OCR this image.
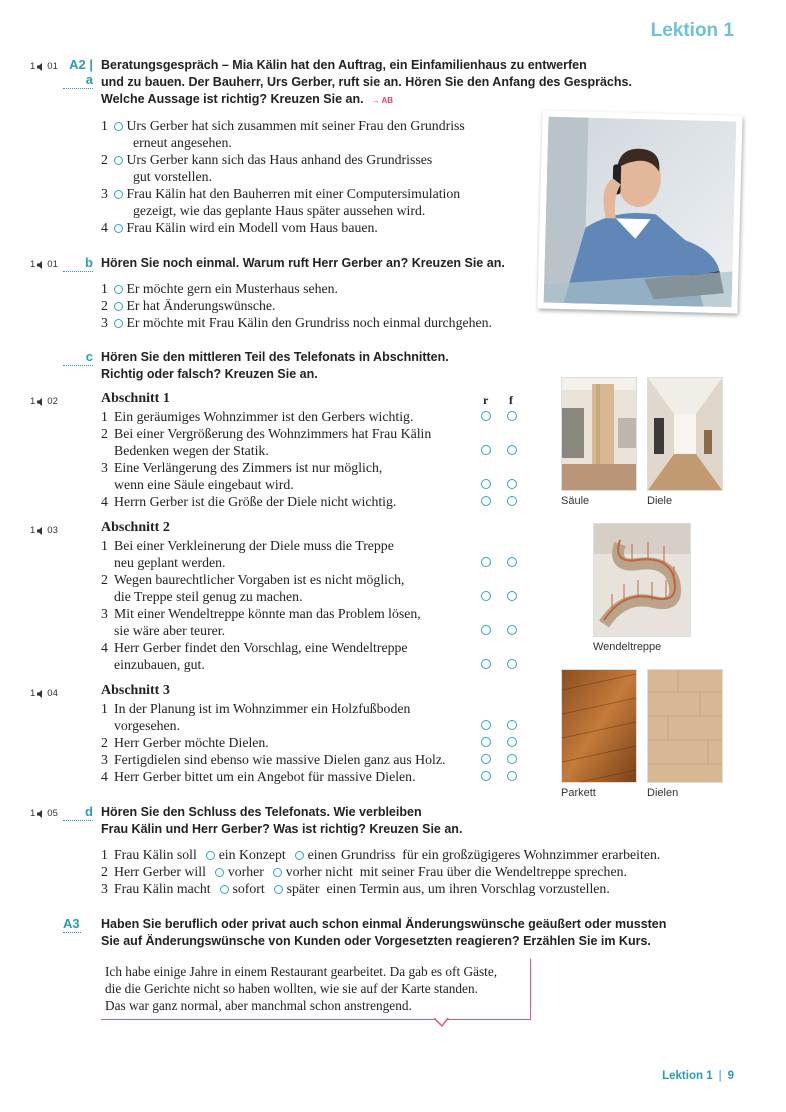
Lektion 1
1 01 A2 | a
Beratungsgespräch – Mia Kälin hat den Auftrag, ein Einfamilienhaus zu entwerfen
und zu bauen. Der Bauherr, Urs Gerber, ruft sie an. Hören Sie den Anfang des Gesprächs.
Welche Aussage ist richtig? Kreuzen Sie an. → AB
1 Urs Gerber hat sich zusammen mit seiner Frau den Grundriss
erneut angesehen.
2 Urs Gerber kann sich das Haus anhand des Grundrisses
gut vorstellen.
3 Frau Kälin hat den Bauherren mit einer Computersimulation
gezeigt, wie das geplante Haus später aussehen wird.
4 Frau Kälin wird ein Modell vom Haus bauen.
1 01	b Hören Sie noch einmal. Warum ruft Herr Gerber an? Kreuzen Sie an.
1 Er möchte gern ein Musterhaus sehen.
2 Er hat Änderungswünsche.
3 Er möchte mit Frau Kälin den Grundriss noch einmal durchgehen.
c Hören Sie den mittleren Teil des Telefonats in Abschnitten.
Richtig oder falsch? Kreuzen Sie an.
1 02	Abschnitt 1	r f
1 Ein geräumiges Wohnzimmer ist den Gerbers wichtig.
2 Bei einer Vergrößerung des Wohnzimmers hat Frau Kälin
Bedenken wegen der Statik.
3 Eine Verlängerung des Zimmers ist nur möglich,
wenn eine Säule eingebaut wird.
4 Herrn Gerber ist die Größe der Diele nicht wichtig.	Säule	Diele
1 03	Abschnitt 2
1 Bei einer Verkleinerung der Diele muss die Treppe
neu geplant werden.
2 Wegen baurechtlicher Vorgaben ist es nicht möglich,
die Treppe steil genug zu machen.
3 Mit einer Wendeltreppe könnte man das Problem lösen,
sie wäre aber teurer.
4 Herr Gerber findet den Vorschlag, eine Wendeltreppe
einzubauen, gut.
Wendeltreppe
1 04	Abschnitt 3
1 In der Planung ist im Wohnzimmer ein Holzfußboden
vorgesehen.
2 Herr Gerber möchte Dielen.
3 Fertigdielen sind ebenso wie massive Dielen ganz aus Holz.
4 Herr Gerber bittet um ein Angebot für massive Dielen.
Parkett	Dielen
1 05	d Hören Sie den Schluss des Telefonats. Wie verbleiben
Frau Kälin und Herr Gerber? Was ist richtig? Kreuzen Sie an.
1 Frau Kälin soll ein Konzept einen Grundriss für ein großzügigeres Wohnzimmer erarbeiten.
2 Herr Gerber will vorher vorher nicht mit seiner Frau über die Wendeltreppe sprechen.
3 Frau Kälin macht sofort später einen Termin aus, um ihren Vorschlag vorzustellen.
A3 Haben Sie beruflich oder privat auch schon einmal Änderungswünsche geäußert oder mussten
Sie auf Änderungswünsche von Kunden oder Vorgesetzten reagieren? Erzählen Sie im Kurs.
Ich habe einige Jahre in einem Restaurant gearbeitet. Da gab es oft Gäste,
die die Gerichte nicht so haben wollten, wie sie auf der Karte standen.
Das war ganz normal, aber manchmal schon anstrengend.
Lektion 1 | 9
